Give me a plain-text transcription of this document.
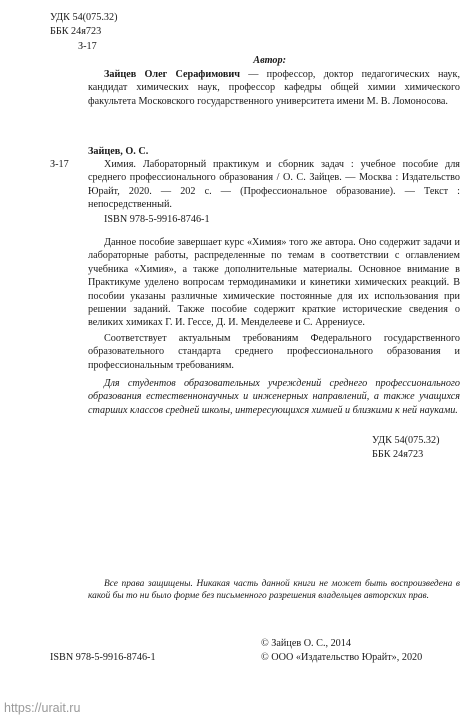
УДК 54(075.32)
ББК 24я723
З-17
Автор:
Зайцев Олег Серафимович — профессор, доктор педагогических наук, кандидат химических наук, профессор кафедры общей химии химического факультета Московского государственного университета имени М. В. Ломоносова.
Зайцев, О. С.
З-17	Химия. Лабораторный практикум и сборник задач : учебное пособие для среднего профессионального образования / О. С. Зайцев. — Москва : Издательство Юрайт, 2020. — 202 с. — (Профессиональное образование). — Текст : непосредственный.
ISBN 978-5-9916-8746-1

Данное пособие завершает курс «Химия» того же автора. Оно содержит задачи и лабораторные работы, распределенные по темам в соответствии с оглавлением учебника «Химия», а также дополнительные материалы. Основное внимание в Практикуме уделено вопросам термодинамики и кинетики химических реакций. В пособии указаны различные химические постоянные для их использования при решении заданий. Также пособие содержит краткие исторические сведения о великих химиках Г. И. Гессе, Д. И. Менделееве и С. Аррениусе.

Соответствует актуальным требованиям Федерального государственного образовательного стандарта среднего профессионального образования и профессиональным требованиям.

Для студентов образовательных учреждений среднего профессионального образования естественнонаучных и инженерных направлений, а также учащихся старших классов средней школы, интересующихся химией и близкими к ней науками.
УДК 54(075.32)
ББК 24я723
Все права защищены. Никакая часть данной книги не может быть воспроизведена в какой бы то ни было форме без письменного разрешения владельцев авторских прав.
ISBN 978-5-9916-8746-1
© Зайцев О. С., 2014
© ООО «Издательство Юрайт», 2020
https://urait.ru
